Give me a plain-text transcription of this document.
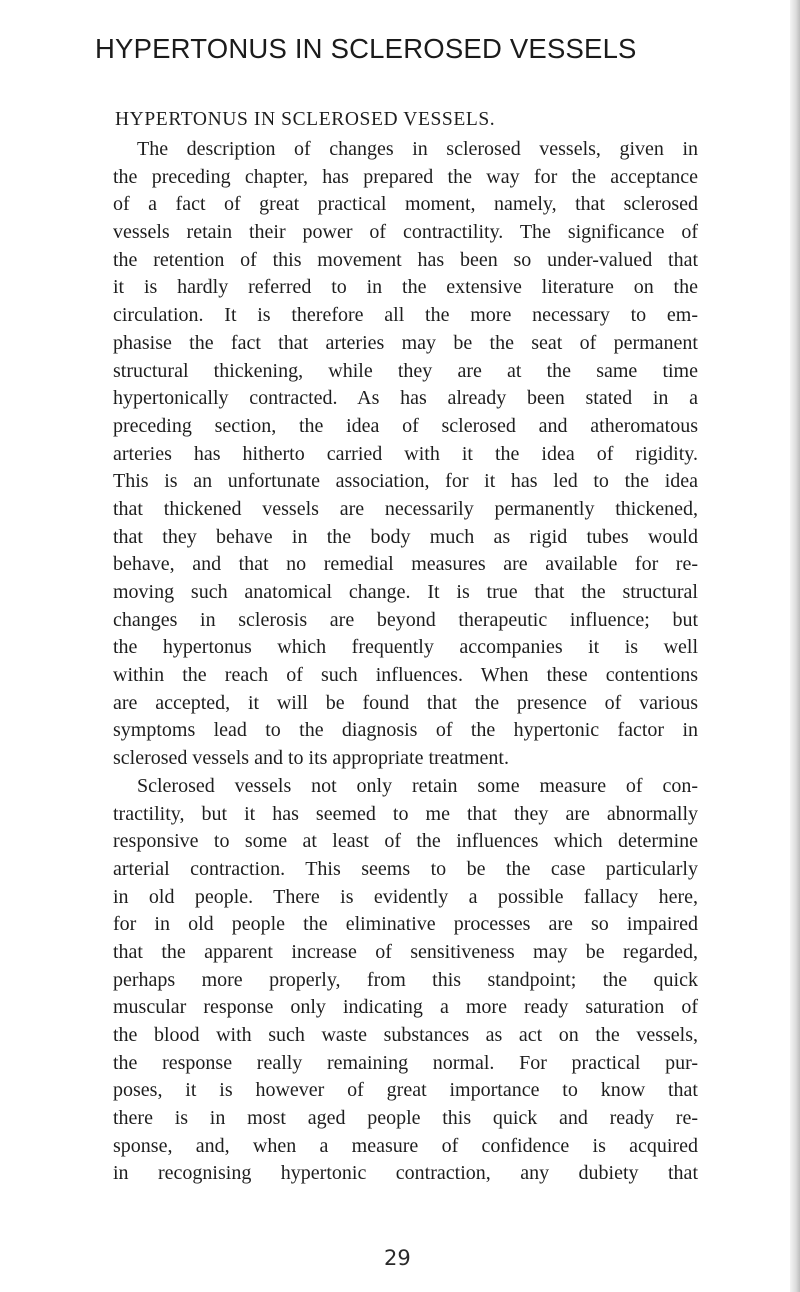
HYPERTONUS IN SCLEROSED VESSELS
HYPERTONUS IN SCLEROSED VESSELS.
The description of changes in sclerosed vessels, given in
the preceding chapter, has prepared the way for the acceptance
of a fact of great practical moment, namely, that sclerosed
vessels retain their power of contractility. The significance of
the retention of this movement has been so under-valued that
it is hardly referred to in the extensive literature on the
circulation. It is therefore all the more necessary to em-
phasise the fact that arteries may be the seat of permanent
structural thickening, while they are at the same time
hypertonically contracted. As has already been stated in a
preceding section, the idea of sclerosed and atheromatous
arteries has hitherto carried with it the idea of rigidity.
This is an unfortunate association, for it has led to the idea
that thickened vessels are necessarily permanently thickened,
that they behave in the body much as rigid tubes would
behave, and that no remedial measures are available for re-
moving such anatomical change. It is true that the structural
changes in sclerosis are beyond therapeutic influence; but
the hypertonus which frequently accompanies it is well
within the reach of such influences. When these contentions
are accepted, it will be found that the presence of various
symptoms lead to the diagnosis of the hypertonic factor in
sclerosed vessels and to its appropriate treatment.
Sclerosed vessels not only retain some measure of con-
tractility, but it has seemed to me that they are abnormally
responsive to some at least of the influences which determine
arterial contraction. This seems to be the case particularly
in old people. There is evidently a possible fallacy here,
for in old people the eliminative processes are so impaired
that the apparent increase of sensitiveness may be regarded,
perhaps more properly, from this standpoint; the quick
muscular response only indicating a more ready saturation of
the blood with such waste substances as act on the vessels,
the response really remaining normal. For practical pur-
poses, it is however of great importance to know that
there is in most aged people this quick and ready re-
sponse, and, when a measure of confidence is acquired
in recognising hypertonic contraction, any dubiety that
29
